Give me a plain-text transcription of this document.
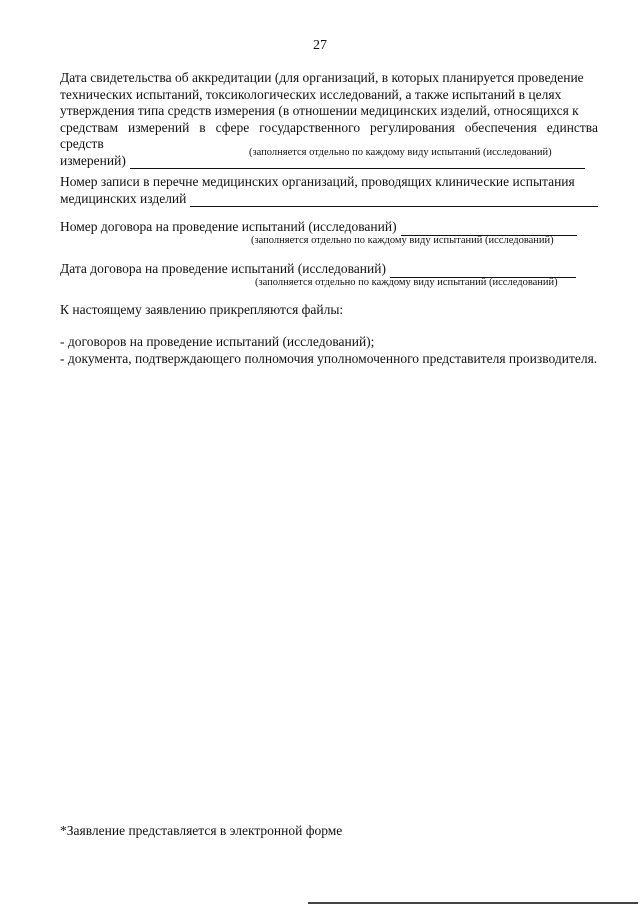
27
Дата свидетельства об аккредитации (для организаций, в которых планируется проведение
технических испытаний, токсикологических исследований, а также испытаний в целях
утверждения типа средств измерения (в отношении медицинских изделий, относящихся к
средствам измерений в сфере государственного регулирования обеспечения единства средств
измерений)	(заполняется отдельно по каждому виду испытаний (исследований)
Номер записи в перечне медицинских организаций, проводящих клинические испытания
медицинских изделий
Номер договора на проведение испытаний (исследований)
(заполняется отдельно по каждому виду испытаний (исследований)
Дата договора на проведение испытаний (исследований)
(заполняется отдельно по каждому виду испытаний (исследований)
К настоящему заявлению прикрепляются файлы:
- договоров на проведение испытаний (исследований);
- документа, подтверждающего полномочия уполномоченного представителя производителя.
*Заявление представляется в электронной форме
